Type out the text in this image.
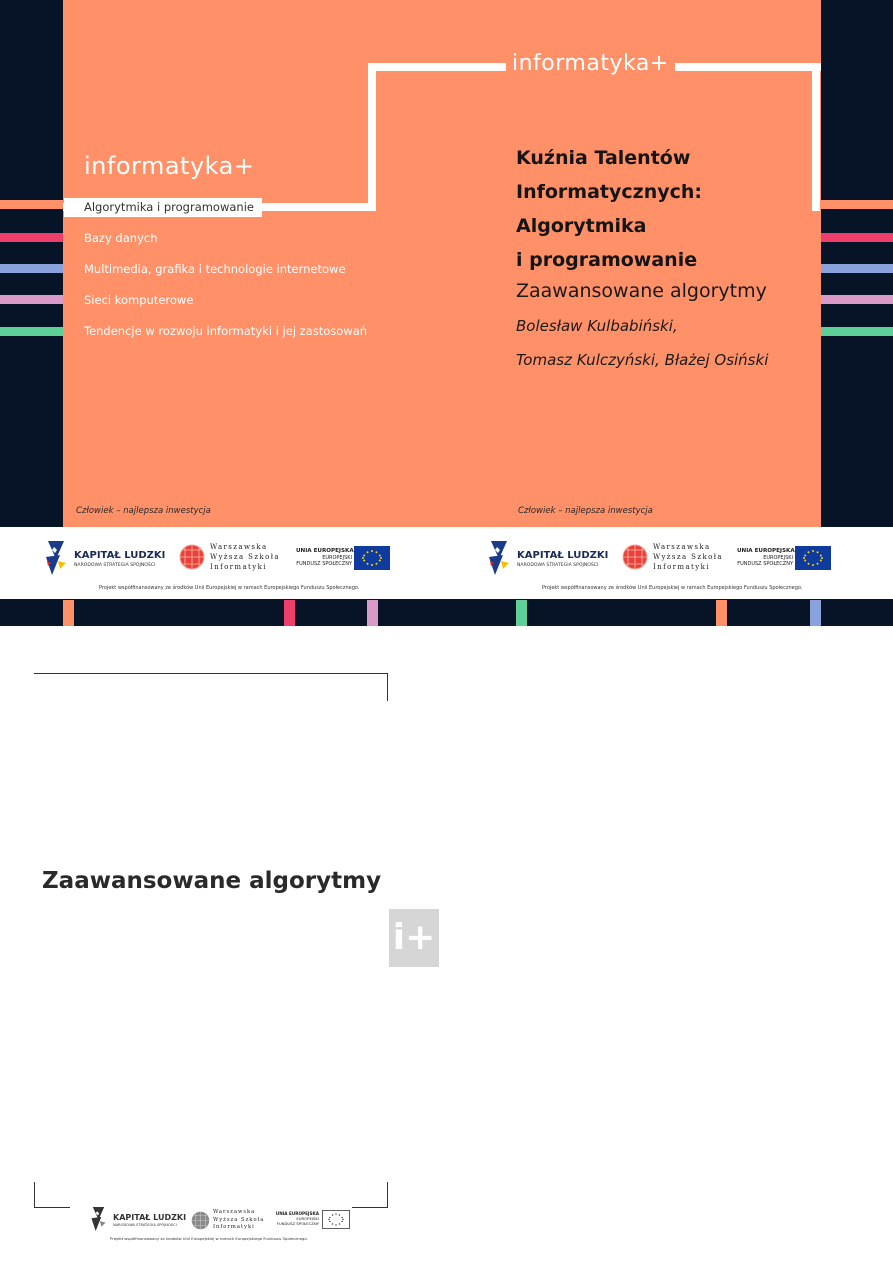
informatyka+
informatyka+
Algorytmika i programowanie
Bazy danych
Multimedia, grafika i technologie internetowe
Sieci komputerowe
Tendencje w rozwoju informatyki i jej zastosowań
Kuźnia Talentów
Informatycznych:
Algorytmika
i programowanie
Zaawansowane algorytmy
Bolesław Kulbabiński,
Tomasz Kulczyński, Błażej Osiński
Człowiek – najlepsza inwestycja	Człowiek – najlepsza inwestycja
KAPITAŁ LUDZKI
NARODOWA STRATEGIA SPÓJNOŚCI
Warszawska
Wyższa Szkoła
Informatyki
UNIA EUROPEJSKA
EUROPEJSKI
FUNDUSZ SPOŁECZNY
Projekt współfinansowany ze środków Unii Europejskiej w ramach Europejskiego Funduszu Społecznego.
KAPITAŁ LUDZKI
NARODOWA STRATEGIA SPÓJNOŚCI
Warszawska
Wyższa Szkoła
Informatyki
UNIA EUROPEJSKA
EUROPEJSKI
FUNDUSZ SPOŁECZNY
Projekt współfinansowany ze środków Unii Europejskiej w ramach Europejskiego Funduszu Społecznego.
Zaawansowane algorytmy
i+
KAPITAŁ LUDZKI
NARODOWA STRATEGIA SPÓJNOŚCI
Warszawska
Wyższa Szkoła
Informatyki
UNIA EUROPEJSKA
EUROPEJSKI
FUNDUSZ SPOŁECZNY
Projekt współfinansowany ze środków Unii Europejskiej w ramach Europejskiego Funduszu Społecznego.
